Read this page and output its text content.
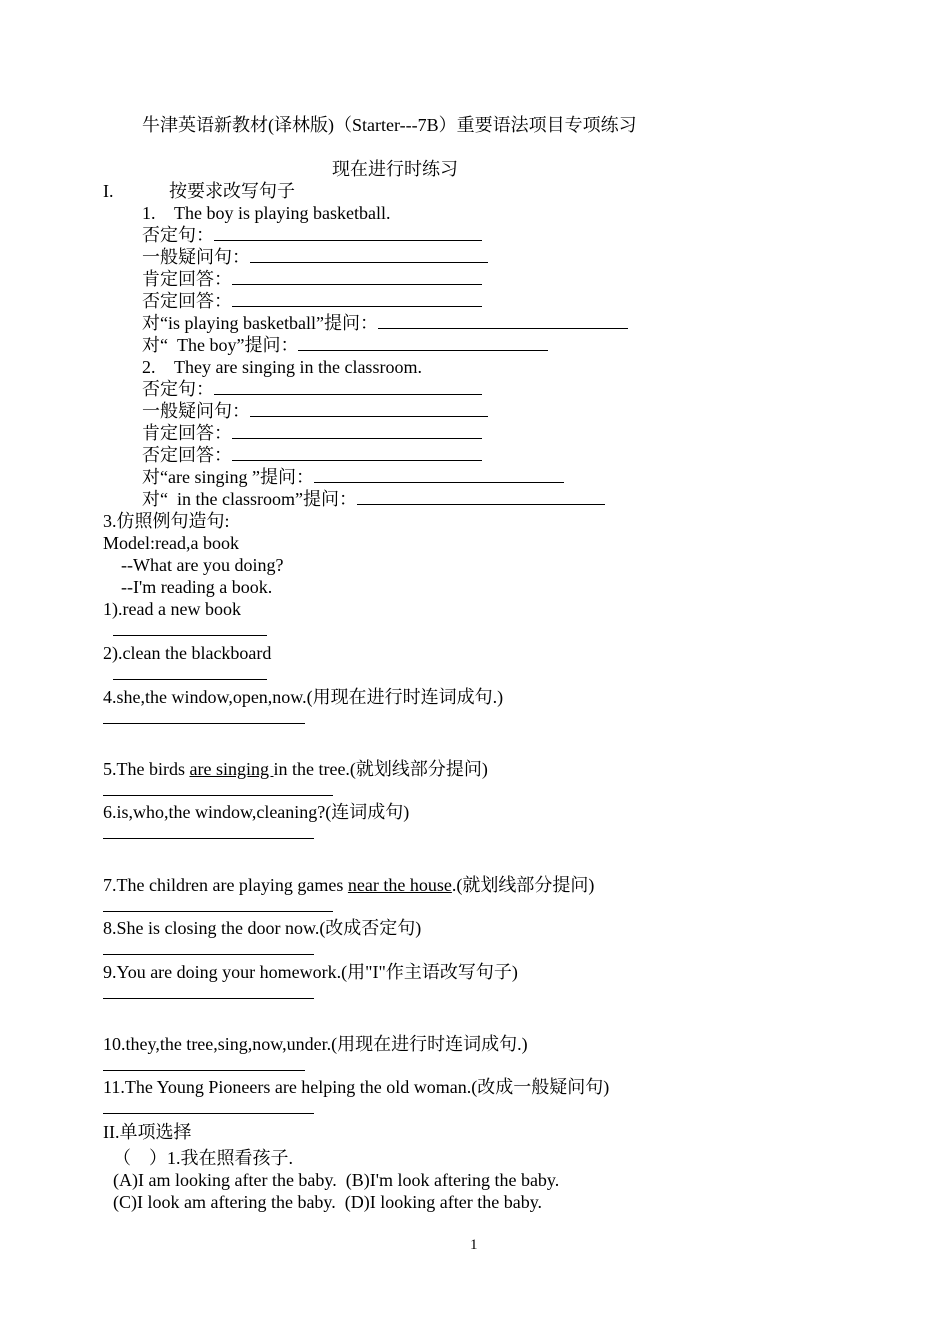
牛津英语新教材(译林版)（Starter---7B）重要语法项目专项练习
现在进行时练习
I.	按要求改写句子
1. The boy is playing basketball.
否定句：
一般疑问句：
肯定回答：
否定回答：
对“is playing basketball”提问：
对“  The boy”提问：
2. They are singing in the classroom.
否定句：
一般疑问句：
肯定回答：
否定回答：
对“are singing ”提问：
对“  in the classroom”提问：
3.仿照例句造句:
Model:read,a book
--What are you doing?
--I'm reading a book.
1).read a new book
2).clean the blackboard
4.she,the window,open,now.(用现在进行时连词成句.)
5.The birds are singing in the tree.(就划线部分提问)
6.is,who,the window,cleaning?(连词成句)
7.The children are playing games near the house.(就划线部分提问)
8.She is closing the door now.(改成否定句)
9.You are doing your homework.(用"I"作主语改写句子)
10.they,the tree,sing,now,under.(用现在进行时连词成句.)
11.The Young Pioneers are helping the old woman.(改成一般疑问句)
II.单项选择
（    ）1.我在照看孩子.
(A)I am looking after the baby.  (B)I'm look aftering the baby.
(C)I look am aftering the baby.  (D)I looking after the baby.
1
